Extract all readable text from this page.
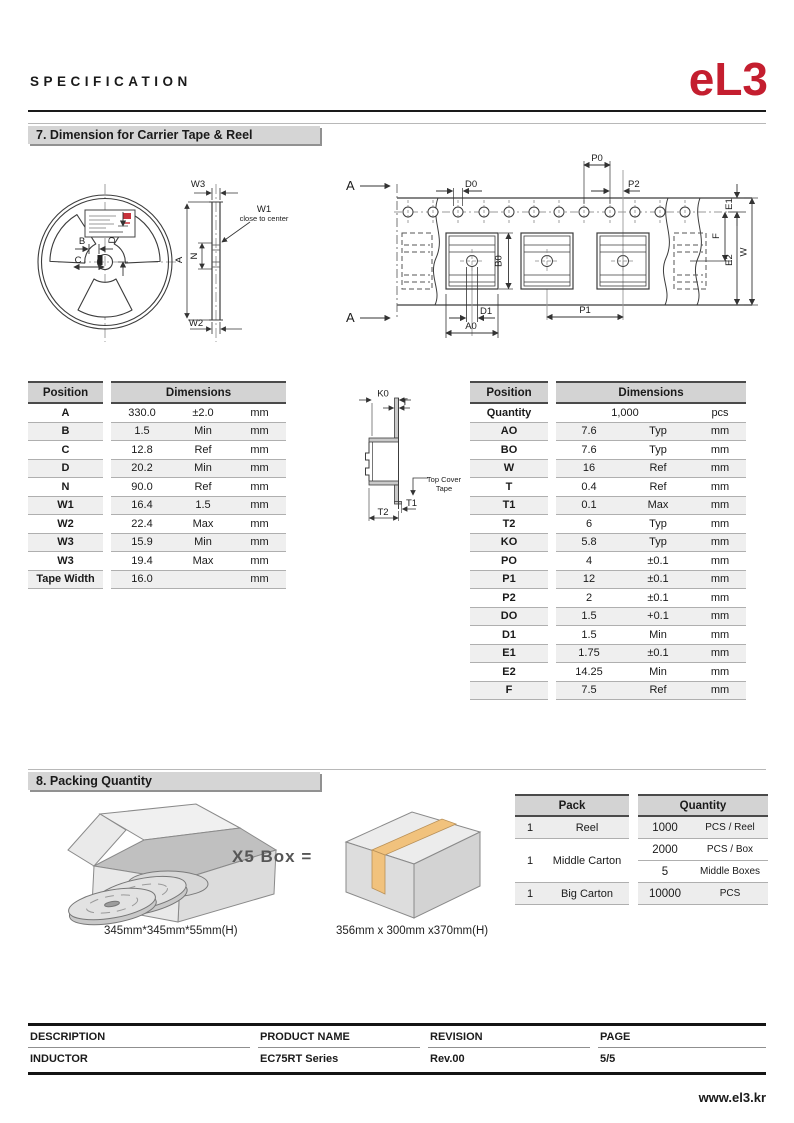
SPECIFICATION	eL3
7. Dimension for Carrier Tape & Reel
B
C
D
W3
A
N
W1
close to center
W2
A
A
D0
P0
P2
B0
D1
A0
P1
E1
F
E2
W
K0
T
T1
T2
Top Cover
Tape
Position		Dimensions		
A		330.0	±2.0	mm
B		1.5	Min	mm
C		12.8	Ref	mm
D		20.2	Min	mm
N		90.0	Ref	mm
W1		16.4	1.5	mm
W2		22.4	Max	mm
W3		15.9	Min	mm
W3		19.4	Max	mm
Tape Width		16.0		mm
Position		Dimensions		
Quantity		1,000		pcs
AO		7.6	Typ	mm
BO		7.6	Typ	mm
W		16	Ref	mm
T		0.4	Ref	mm
T1		0.1	Max	mm
T2		6	Typ	mm
KO		5.8	Typ	mm
PO		4	±0.1	mm
P1		12	±0.1	mm
P2		2	±0.1	mm
DO		1.5	+0.1	mm
D1		1.5	Min	mm
E1		1.75	±0.1	mm
E2		14.25	Min	mm
F		7.5	Ref	mm
8. Packing Quantity
X5 Box =
345mm*345mm*55mm(H)	356mm x 300mm x370mm(H)
Pack	
1	Reel
1	Middle Carton
1	Big Carton
Quantity	
1000	PCS / Reel
2000	PCS / Box
5	Middle Boxes
10000	PCS
DESCRIPTION	PRODUCT NAME	REVISION	PAGE
INDUCTOR	EC75RT Series	Rev.00	5/5
www.el3.kr
